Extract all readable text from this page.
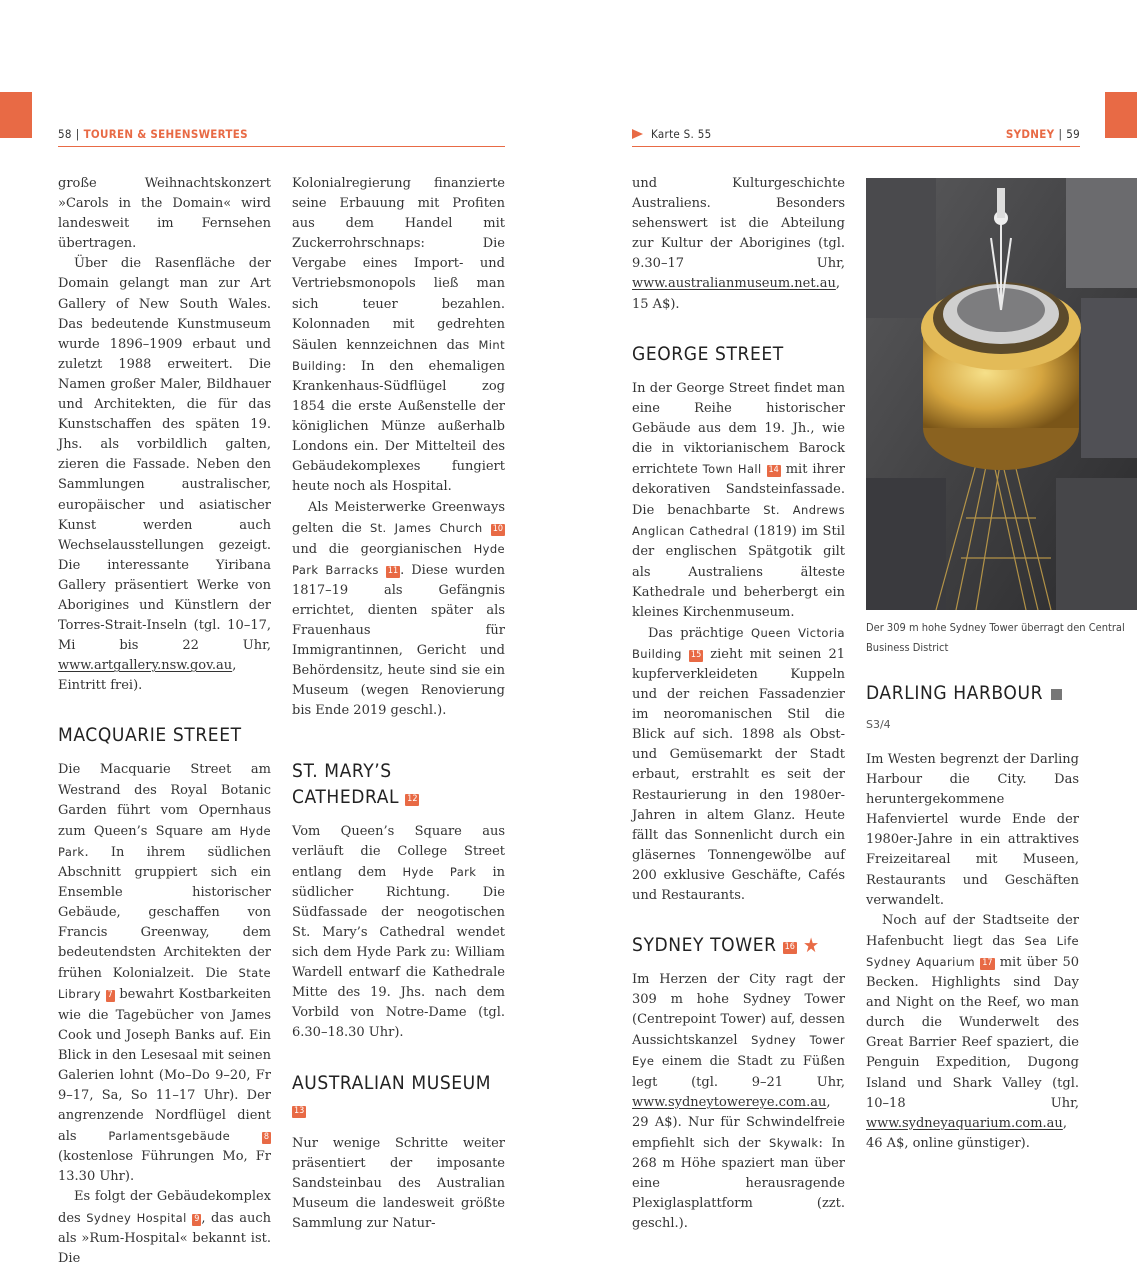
58 | TOUREN & SEHENSWERTES	Karte S. 55	SYDNEY | 59

große Weihnachtskonzert »Carols in the Domain« wird landesweit im Fernsehen übertragen.

Über die Rasenfläche der Domain gelangt man zur Art Gallery of New South Wales. Das bedeutende Kunstmuseum wurde 1896–1909 erbaut und zuletzt 1988 erweitert. Die Namen großer Maler, Bildhauer und Architekten, die für das Kunstschaffen des späten 19. Jhs. als vorbildlich galten, zieren die Fassade. Neben den Sammlungen australischer, europäischer und asiatischer Kunst werden auch Wechselausstellungen gezeigt. Die interessante Yiribana Gallery präsentiert Werke von Aborigines und Künstlern der Torres-Strait-Inseln (tgl. 10–17, Mi bis 22 Uhr, www.artgallery.nsw.gov.au, Eintritt frei).

MACQUARIE STREET

Die Macquarie Street am Westrand des Royal Botanic Garden führt vom Opernhaus zum Queen’s Square am Hyde Park. In ihrem südlichen Abschnitt gruppiert sich ein Ensemble historischer Gebäude, geschaffen von Francis Greenway, dem bedeutendsten Architekten der frühen Kolonialzeit. Die State Library 7 bewahrt Kostbarkeiten wie die Tagebücher von James Cook und Joseph Banks auf. Ein Blick in den Lesesaal mit seinen Galerien lohnt (Mo–Do 9–20, Fr 9–17, Sa, So 11–17 Uhr). Der angrenzende Nordflügel dient als Parlamentsgebäude	8 (kostenlose Führungen Mo, Fr 13.30 Uhr).

Es folgt der Gebäudekomplex des Sydney Hospital 9 , das auch als »Rum-Hospital« bekannt ist. Die

Kolonialregierung finanzierte seine Erbauung mit Profiten aus dem Handel mit Zuckerrohrschnaps: Die Vergabe eines Import- und Vertriebsmonopols ließ man sich teuer bezahlen. Kolonnaden mit gedrehten Säulen kennzeichnen das Mint Building: In den ehemaligen Krankenhaus-Südflügel zog 1854 die erste Außenstelle der königlichen Münze außerhalb Londons ein. Der Mittelteil des Gebäudekomplexes fungiert heute noch als Hospital.

Als Meisterwerke Greenways gelten die St. James Church 10 und die georgianischen Hyde Park Barracks 11 . Diese wurden 1817–19 als Gefängnis errichtet, dienten später als Frauenhaus für Immigrantinnen, Gericht und Behördensitz, heute sind sie ein Museum (wegen Renovierung bis Ende 2019 geschl.).

ST. MARY’S CATHEDRAL 12

Vom Queen’s Square aus verläuft die College Street entlang dem Hyde Park in südlicher Richtung. Die Südfassade der neogotischen St. Mary’s Cathedral wendet sich dem Hyde Park zu: William Wardell entwarf die Kathedrale Mitte des 19. Jhs. nach dem Vorbild von Notre-Dame (tgl. 6.30–18.30 Uhr).

AUSTRALIAN MUSEUM 13

Nur wenige Schritte weiter präsentiert der imposante Sandsteinbau des Australian Museum die landesweit größte Sammlung zur Natur-

und Kulturgeschichte Australiens. Besonders sehenswert ist die Abteilung zur Kultur der Aborigines (tgl. 9.30–17 Uhr, www.australianmuseum.net.au, 15 A$).

GEORGE STREET

In der George Street findet man eine Reihe historischer Gebäude aus dem 19. Jh., wie die in viktorianischem Barock errichtete Town Hall 14 mit ihrer dekorativen Sandsteinfassade. Die benachbarte St. Andrews Anglican Cathedral (1819) im Stil der englischen Spätgotik gilt als Australiens älteste Kathedrale und beherbergt ein kleines Kirchenmuseum.

Das prächtige Queen Victoria Building 15 zieht mit seinen 21 kupferverkleideten Kuppeln und der reichen Fassadenzier im neoromanischen Stil die Blick auf sich. 1898 als Obst- und Gemüsemarkt der Stadt erbaut, erstrahlt es seit der Restaurierung in den 1980er-Jahren in altem Glanz. Heute fällt das Sonnenlicht durch ein gläsernes Tonnengewölbe auf 200 exklusive Geschäfte, Cafés und Restaurants.

SYDNEY TOWER 16 ★

Im Herzen der City ragt der 309 m hohe Sydney Tower (Centrepoint Tower) auf, dessen Aussichtskanzel Sydney Tower Eye einem die Stadt zu Füßen legt (tgl. 9–21 Uhr, www.sydneytowereye.com.au, 29 A$). Nur für Schwindelfreie empfiehlt sich der Skywalk: In 268 m Höhe spaziert man über eine herausragende Plexiglasplattform (zzt. geschl.).

Der 309 m hohe Sydney Tower überragt den Central Business District
DARLING HARBOUR S3/4

Im Westen begrenzt der Darling Harbour die City. Das heruntergekommene Hafenviertel wurde Ende der 1980er-Jahre in ein attraktives Freizeitareal mit Museen, Restaurants und Geschäften verwandelt.

Noch auf der Stadtseite der Hafenbucht liegt das Sea Life Sydney Aquarium 17 mit über 50 Becken. Highlights sind Day and Night on the Reef, wo man durch die Wunderwelt des Great Barrier Reef spaziert, die Penguin Expedition, Dugong Island und Shark Valley (tgl. 10–18 Uhr, www.sydneyaquarium.com.au, 46 A$, online günstiger).
